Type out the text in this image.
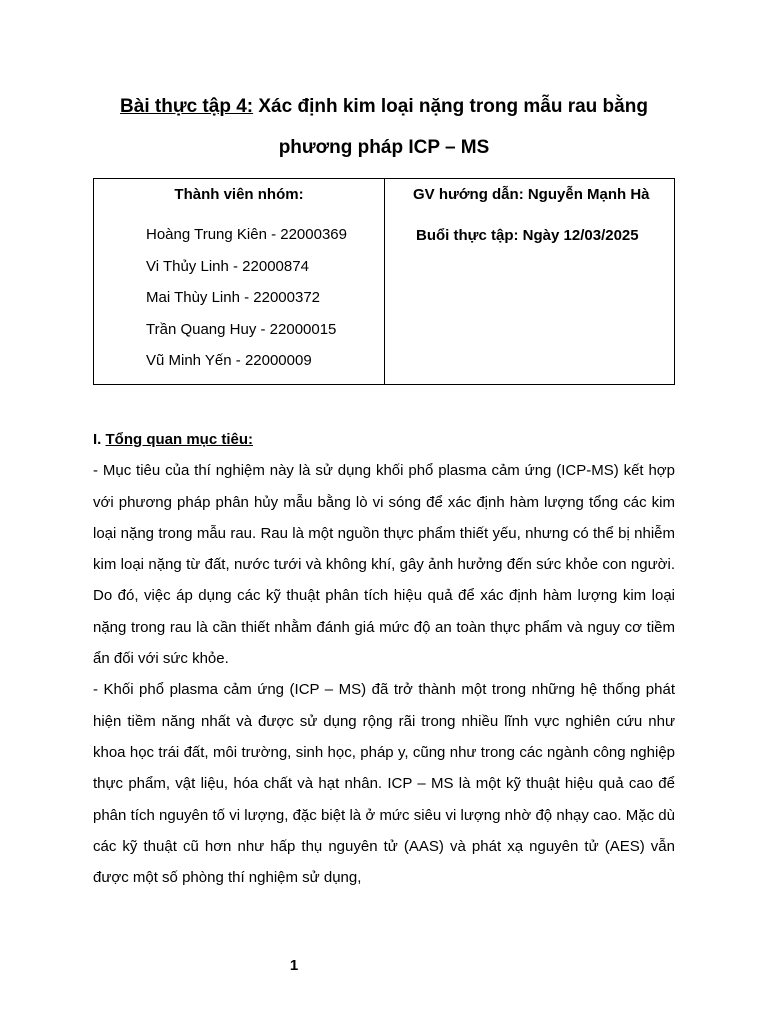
Bài thực tập 4: Xác định kim loại nặng trong mẫu rau bằng
phương pháp ICP – MS
Thành viên nhóm:
Hoàng Trung Kiên - 22000369
Vi Thủy Linh - 22000874
Mai Thùy Linh - 22000372
Trần Quang Huy - 22000015
Vũ Minh Yến - 22000009
GV hướng dẫn: Nguyễn Mạnh Hà
Buổi thực tập: Ngày 12/03/2025

I. Tổng quan mục tiêu:

- Mục tiêu của thí nghiệm này là sử dụng khối phổ plasma cảm ứng (ICP-MS) kết hợp với phương pháp phân hủy mẫu bằng lò vi sóng để xác định hàm lượng tổng các kim loại nặng trong mẫu rau. Rau là một nguồn thực phẩm thiết yếu, nhưng có thể bị nhiễm kim loại nặng từ đất, nước tưới và không khí, gây ảnh hưởng đến sức khỏe con người. Do đó, việc áp dụng các kỹ thuật phân tích hiệu quả để xác định hàm lượng kim loại nặng trong rau là cần thiết nhằm đánh giá mức độ an toàn thực phẩm và nguy cơ tiềm ẩn đối với sức khỏe.

- Khối phổ plasma cảm ứng (ICP – MS) đã trở thành một trong những hệ thống phát hiện tiềm năng nhất và được sử dụng rộng rãi trong nhiều lĩnh vực nghiên cứu như khoa học trái đất, môi trường, sinh học, pháp y, cũng như trong các ngành công nghiệp thực phẩm, vật liệu, hóa chất và hạt nhân. ICP – MS là một kỹ thuật hiệu quả cao để phân tích nguyên tố vi lượng, đặc biệt là ở mức siêu vi lượng nhờ độ nhạy cao. Mặc dù các kỹ thuật cũ hơn như hấp thụ nguyên tử (AAS) và phát xạ nguyên tử (AES) vẫn được một số phòng thí nghiệm sử dụng,

1
